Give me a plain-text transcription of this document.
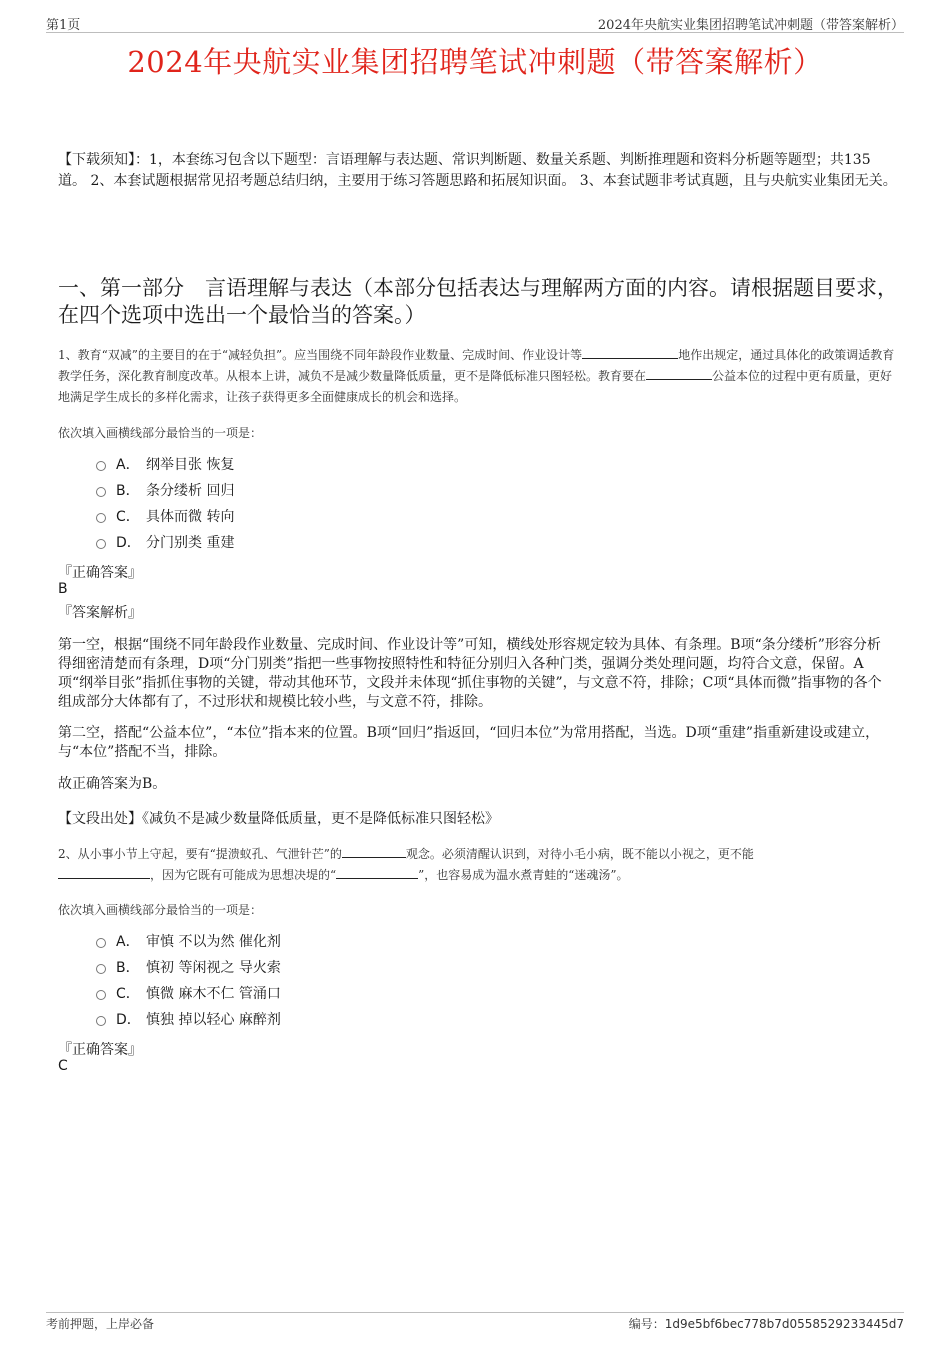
第1页	2024年央航实业集团招聘笔试冲刺题（带答案解析）
2024年央航实业集团招聘笔试冲刺题（带答案解析）
【下载须知】：1，本套练习包含以下题型：言语理解与表达题、常识判断题、数量关系题、判断推理题和资料分析题等题型；共135道。 2、本套试题根据常见招考题总结归纳，主要用于练习答题思路和拓展知识面。 3、本套试题非考试真题，且与央航实业集团无关。
一、第一部分　言语理解与表达（本部分包括表达与理解两方面的内容。请根据题目要求，在四个选项中选出一个最恰当的答案。）
1、教育“双减”的主要目的在于“减轻负担”。应当围绕不同年龄段作业数量、完成时间、作业设计等	地作出规定，通过具体化的政策调适教育教学任务，深化教育制度改革。从根本上讲，减负不是减少数量降低质量，更不是降低标准只图轻松。教育要在	公益本位的过程中更有质量，更好地满足学生成长的多样化需求，让孩子获得更多全面健康成长的机会和选择。
依次填入画横线部分最恰当的一项是：
A． 纲举目张 恢复
B． 条分缕析 回归
C． 具体而微 转向
D． 分门别类 重建
『正确答案』
B
『答案解析』
第一空，根据“围绕不同年龄段作业数量、完成时间、作业设计等”可知，横线处形容规定较为具体、有条理。B项“条分缕析”形容分析得细密清楚而有条理，D项“分门别类”指把一些事物按照特性和特征分别归入各种门类，强调分类处理问题，均符合文意，保留。A项“纲举目张”指抓住事物的关键，带动其他环节，文段并未体现“抓住事物的关键”，与文意不符，排除；C项“具体而微”指事物的各个组成部分大体都有了，不过形状和规模比较小些，与文意不符，排除。
第二空，搭配“公益本位”，“本位”指本来的位置。B项“回归”指返回，“回归本位”为常用搭配，当选。D项“重建”指重新建设或建立，与“本位”搭配不当，排除。
故正确答案为B。
【文段出处】《减负不是减少数量降低质量，更不是降低标准只图轻松》
2、从小事小节上守起，要有“提溃蚁孔、气泄针芒”的	观念。必须清醒认识到，对待小毛小病，既不能以小视之，更不能
，因为它既有可能成为思想决堤的“	”，也容易成为温水煮青蛙的“迷魂汤”。
依次填入画横线部分最恰当的一项是：
A． 审慎 不以为然 催化剂
B． 慎初 等闲视之 导火索
C． 慎微 麻木不仁 管涌口
D． 慎独 掉以轻心 麻醉剂
『正确答案』
C
考前押题，上岸必备	编号：1d9e5bf6bec778b7d0558529233445d7
